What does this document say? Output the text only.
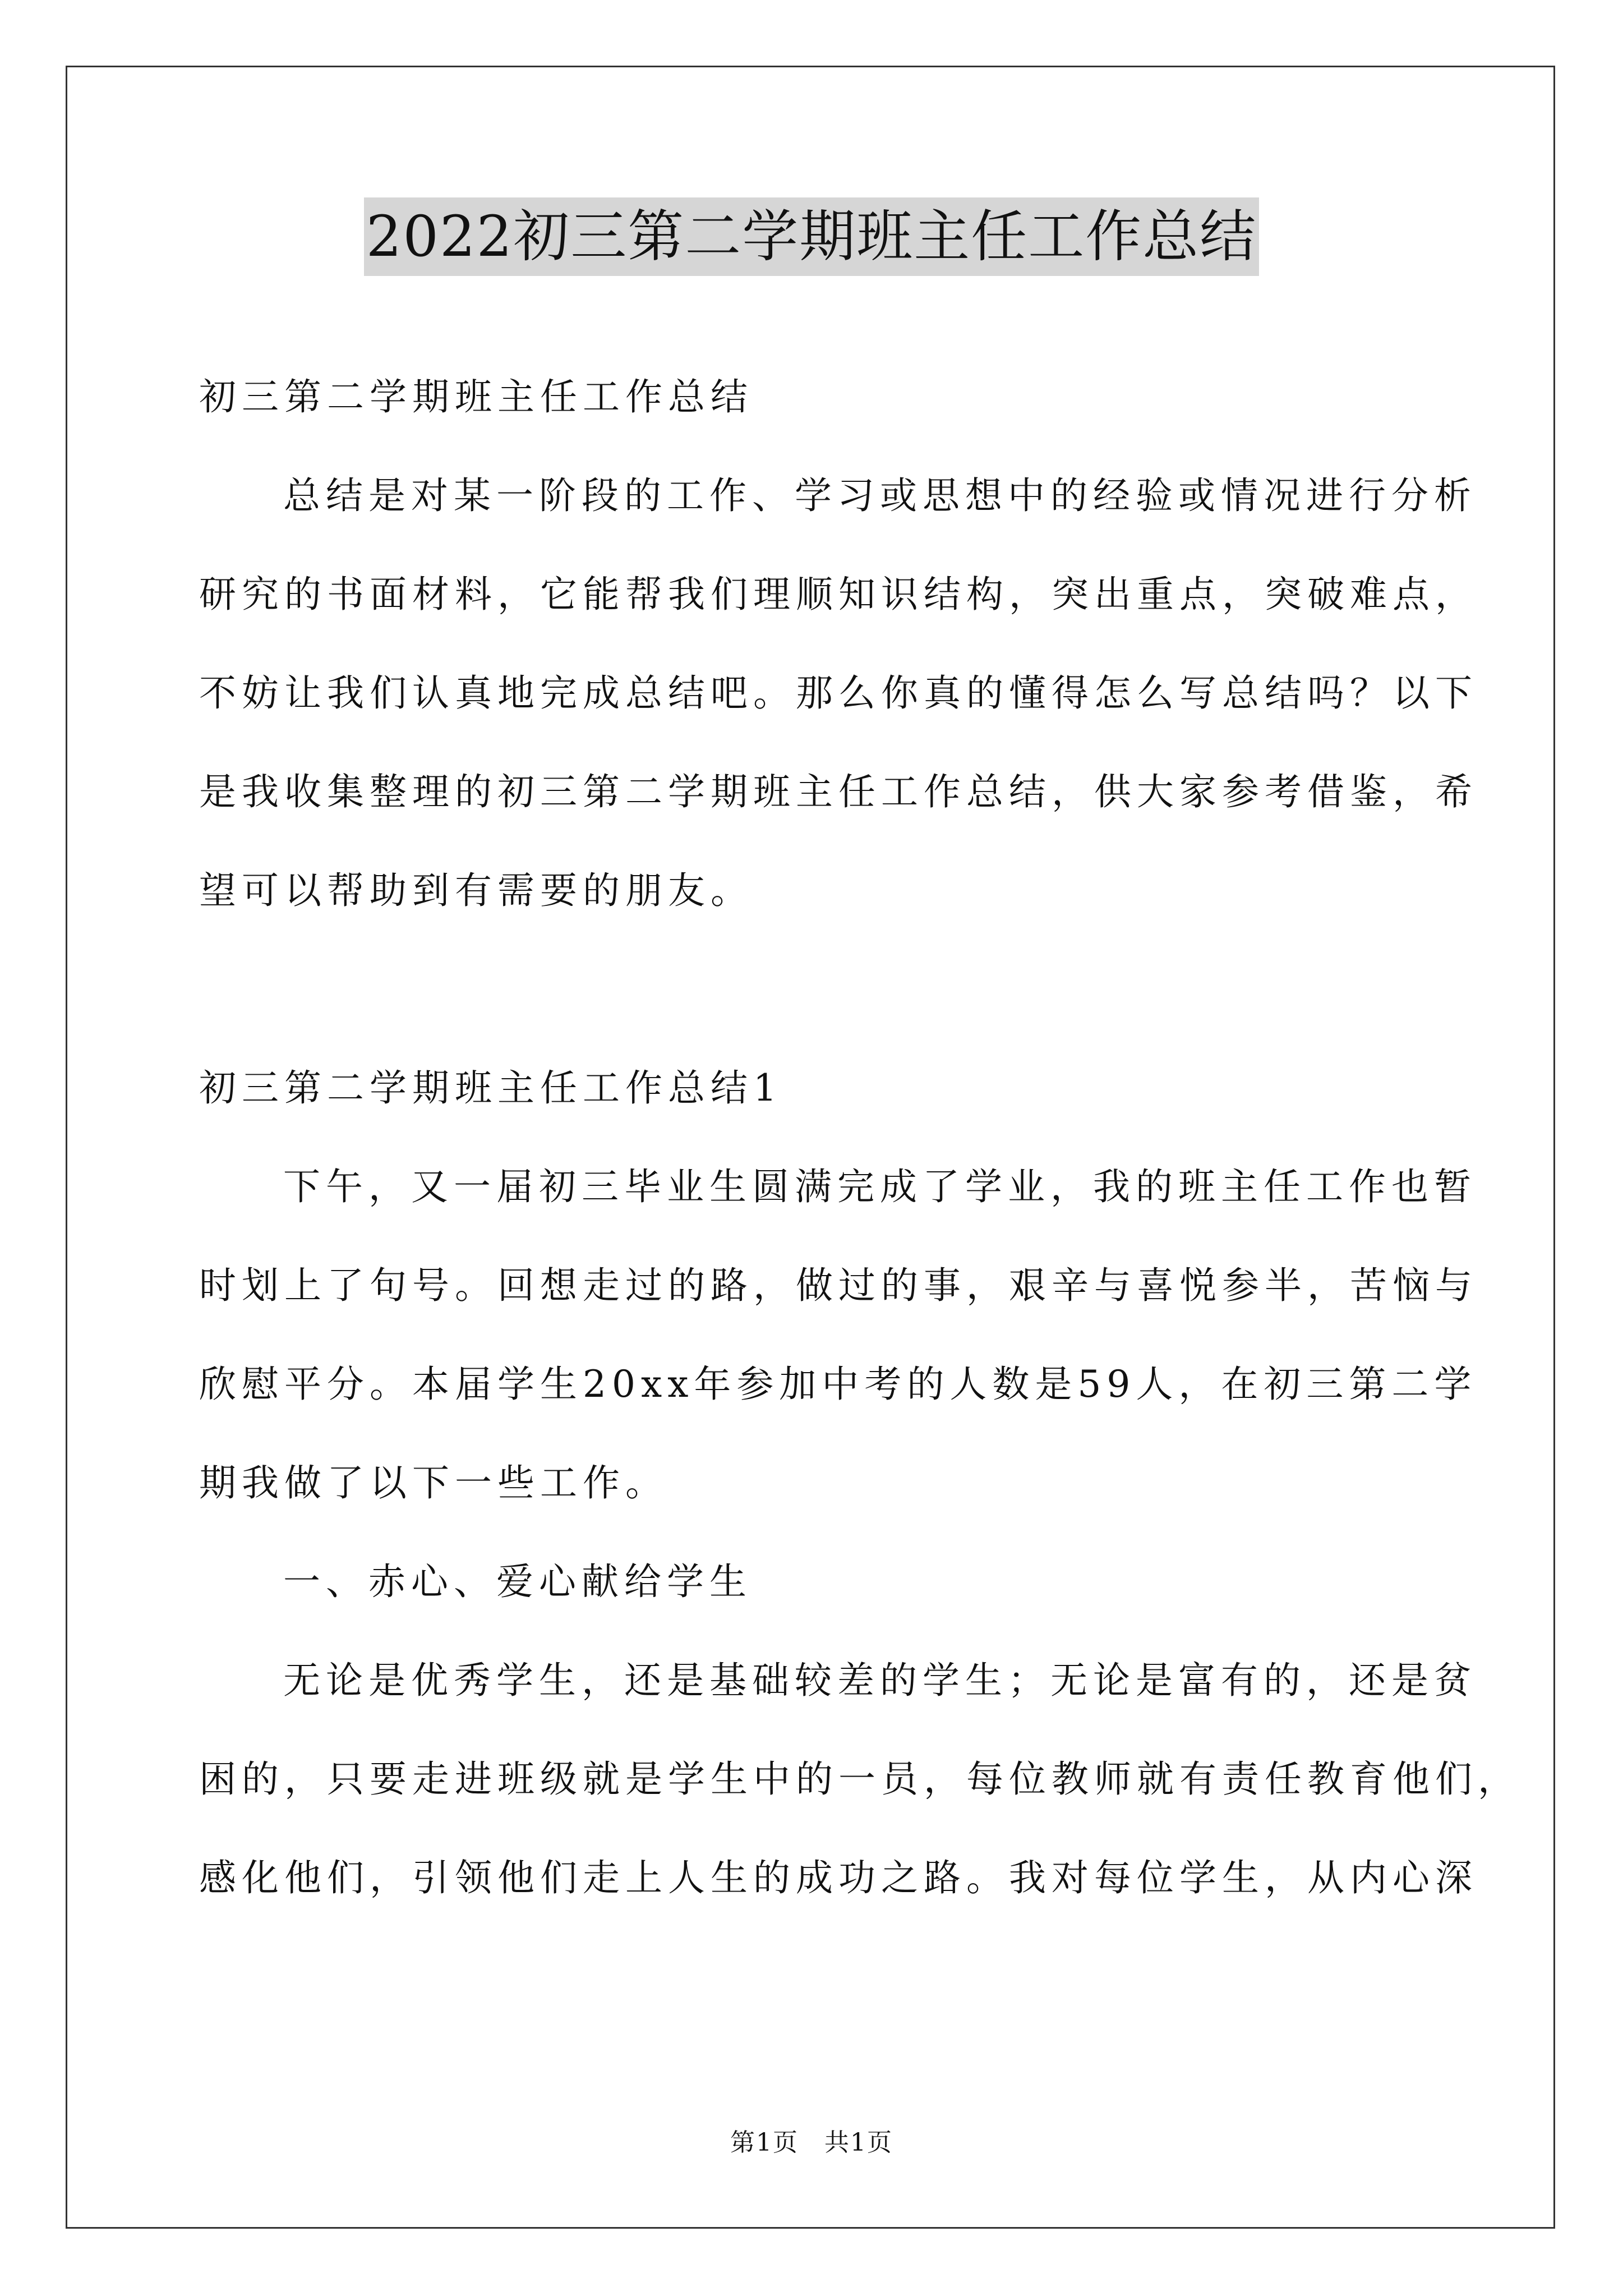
2022初三第二学期班主任工作总结
初三第二学期班主任工作总结
总结是对某一阶段的工作、学习或思想中的经验或情况进行分析
研究的书面材料，它能帮我们理顺知识结构，突出重点，突破难点，
不妨让我们认真地完成总结吧。那么你真的懂得怎么写总结吗？以下
是我收集整理的初三第二学期班主任工作总结，供大家参考借鉴，希
望可以帮助到有需要的朋友。
初三第二学期班主任工作总结1
下午，又一届初三毕业生圆满完成了学业，我的班主任工作也暂
时划上了句号。回想走过的路，做过的事，艰辛与喜悦参半，苦恼与
欣慰平分。本届学生20xx年参加中考的人数是59人，在初三第二学
期我做了以下一些工作。
一、赤心、爱心献给学生
无论是优秀学生，还是基础较差的学生；无论是富有的，还是贫
困的，只要走进班级就是学生中的一员，每位教师就有责任教育他们，
感化他们，引领他们走上人生的成功之路。我对每位学生，从内心深
第1页　共1页
